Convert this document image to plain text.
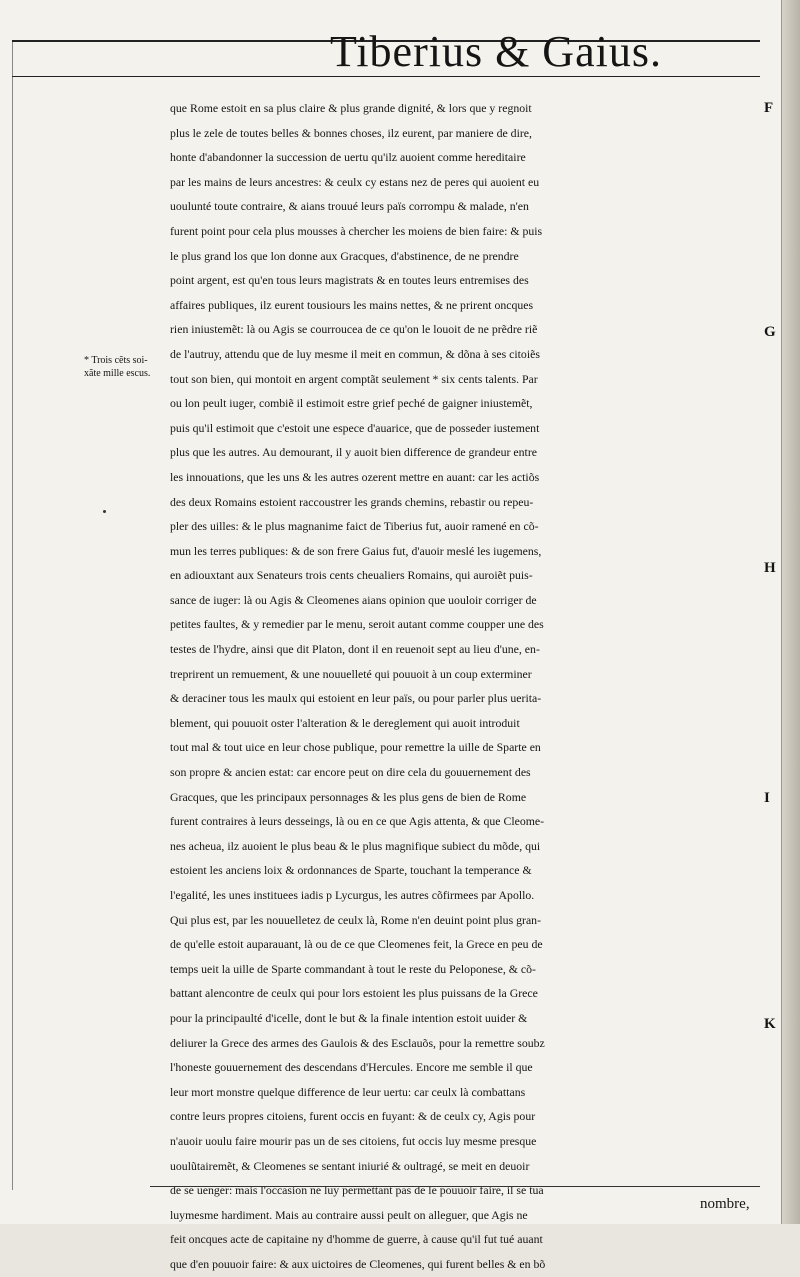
Tiberius & Gaius.
* Trois cẽts soi-
xãte mille escus.
que Rome estoit en sa plus claire & plus grande dignité, & lors que y regnoit
plus le zele de toutes belles & bonnes choses, ilz eurent, par maniere de dire,
honte d'abandonner la succession de uertu qu'ilz auoient comme hereditaire
par les mains de leurs ancestres: & ceulx cy estans nez de peres qui auoient eu
uoulunté toute contraire, & aians trouué leurs païs corrompu & malade, n'en
furent point pour cela plus mousses à chercher les moiens de bien faire: & puis
le plus grand los que lon donne aux Gracques, d'abstinence, de ne prendre
point argent, est qu'en tous leurs magistrats & en toutes leurs entremises des
affaires publiques, ilz eurent tousiours les mains nettes, & ne prirent oncques
rien iniustemẽt: là ou Agis se courroucea de ce qu'on le louoit de ne prẽdre riẽ
de l'autruy, attendu que de luy mesme il meit en commun, & dõna à ses citoiẽs
tout son bien, qui montoit en argent comptãt seulement * six cents talents. Par
ou lon peult iuger, combiẽ il estimoit estre grief peché de gaigner iniustemẽt,
puis qu'il estimoit que c'estoit une espece d'auarice, que de posseder iustement
plus que les autres. Au demourant, il y auoit bien difference de grandeur entre
les innouations, que les uns & les autres ozerent mettre en auant: car les actiõs
des deux Romains estoient raccoustrer les grands chemins, rebastir ou repeu-
pler des uilles: & le plus magnanime faict de Tiberius fut, auoir ramené en cõ-
mun les terres publiques: & de son frere Gaius fut, d'auoir meslé les iugemens,
en adiouxtant aux Senateurs trois cents cheualiers Romains, qui auroiẽt puis-
sance de iuger: là ou Agis & Cleomenes aians opinion que uouloir corriger de
petites faultes, & y remedier par le menu, seroit autant comme coupper une des
testes de l'hydre, ainsi que dit Platon, dont il en reuenoit sept au lieu d'une, en-
treprirent un remuement, & une nouuelleté qui pouuoit à un coup exterminer
& deraciner tous les maulx qui estoient en leur païs, ou pour parler plus ueritа-
blement, qui pouuoit oster l'alteration & le dereglement qui auoit introduit
tout mal & tout uice en leur chose publique, pour remettre la uille de Sparte en
son propre & ancien estat: car encore peut on dire cela du gouuernement des
Gracques, que les principaux personnages & les plus gens de bien de Rome
furent contraires à leurs desseings, là ou en ce que Agis attenta, & que Cleome-
nes acheua, ilz auoient le plus beau & le plus magnifique subiect du mõde, qui
estoient les anciens loix & ordonnances de Sparte, touchant la temperance &
l'egalité, les unes instituees iadis p Lycurgus, les autres cõfirmees par Apollo.
Qui plus est, par les nouuelletez de ceulx là, Rome n'en deuint point plus gran-
de qu'elle estoit auparauant, là ou de ce que Cleomenes feit, la Grece en peu de
temps ueit la uille de Sparte commandant à tout le reste du Peloponese, & cõ-
battant alencontre de ceulx qui pour lors estoient les plus puissans de la Grece
pour la principaulté d'icelle, dont le but & la finale intention estoit uuider &
deliurer la Grece des armes des Gaulois & des Esclauõs, pour la remettre soubz
l'honeste gouuernement des descendans d'Hercules. Encore me semble il que
leur mort monstre quelque difference de leur uertu: car ceulx là combattans
contre leurs propres citoiens, furent occis en fuyant: & de ceulx cy, Agis pour
n'auoir uoulu faire mourir pas un de ses citoiens, fut occis luy mesme presque
uoulũtairemẽt, & Cleomenes se sentant iniurié & oultragé, se meit en deuoir
de se uenger: mais l'occasion ne luy permettant pas de le pouuoir faire, il se tua
luymesme hardiment. Mais au contraire aussi peult on alleguer, que Agis ne
feit oncques acte de capitaine ny d'homme de guerre, à cause qu'il fut tué auant
que d'en pouuoir faire: & aux uictoires de Cleomenes, qui furent belles & en bõ
F
G
H
I
K
nombre,
